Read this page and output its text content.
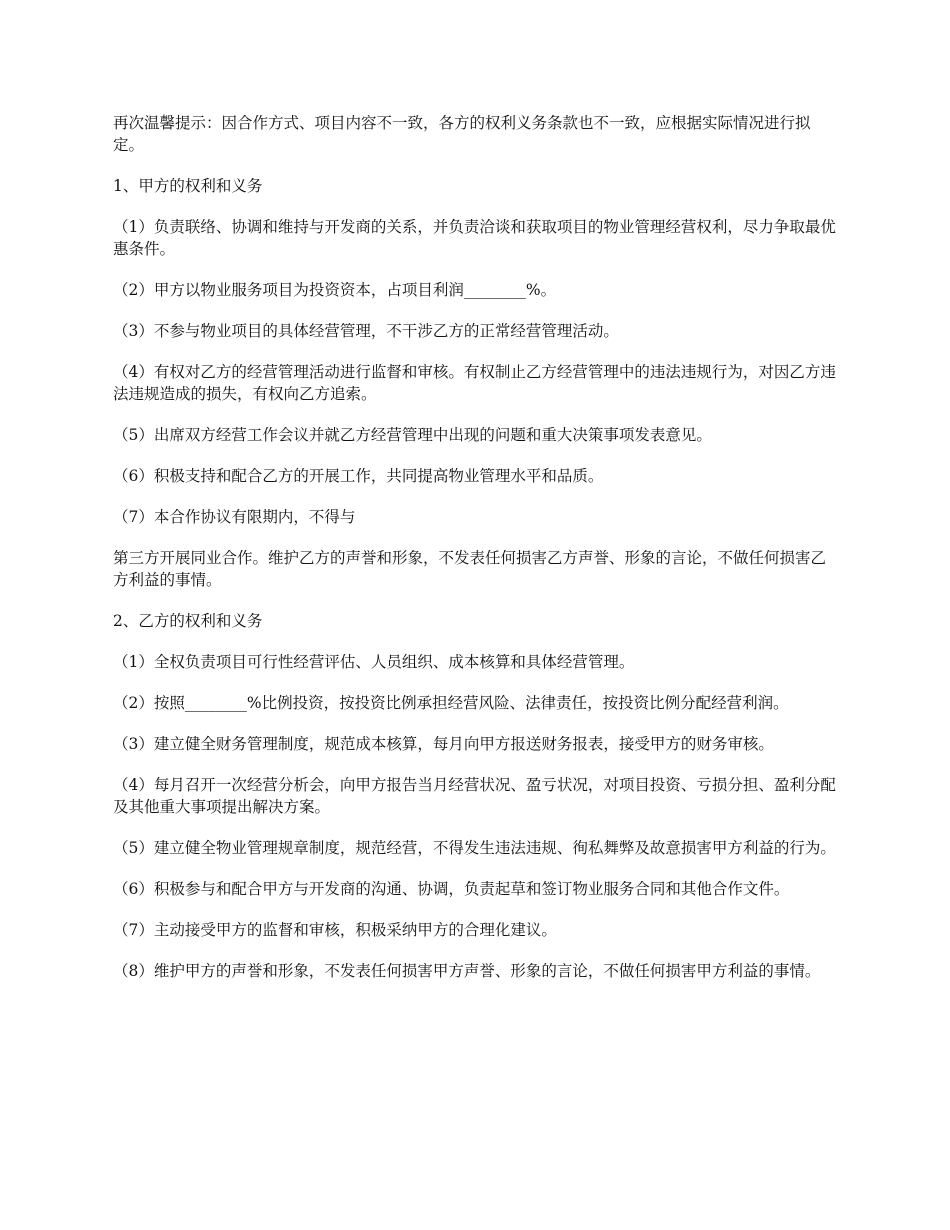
再次温馨提示：因合作方式、项目内容不一致，各方的权利义务条款也不一致，应根据实际情况进行拟定。

1、甲方的权利和义务

（1）负责联络、协调和维持与开发商的关系，并负责洽谈和获取项目的物业管理经营权利，尽力争取最优惠条件。

（2）甲方以物业服务项目为投资资本，占项目利润________%。

（3）不参与物业项目的具体经营管理，不干涉乙方的正常经营管理活动。

（4）有权对乙方的经营管理活动进行监督和审核。有权制止乙方经营管理中的违法违规行为，对因乙方违法违规造成的损失，有权向乙方追索。

（5）出席双方经营工作会议并就乙方经营管理中出现的问题和重大决策事项发表意见。

（6）积极支持和配合乙方的开展工作，共同提高物业管理水平和品质。

（7）本合作协议有限期内，不得与

第三方开展同业合作。维护乙方的声誉和形象，不发表任何损害乙方声誉、形象的言论，不做任何损害乙方利益的事情。

2、乙方的权利和义务

（1）全权负责项目可行性经营评估、人员组织、成本核算和具体经营管理。

（2）按照________%比例投资，按投资比例承担经营风险、法律责任，按投资比例分配经营利润。

（3）建立健全财务管理制度，规范成本核算，每月向甲方报送财务报表，接受甲方的财务审核。

（4）每月召开一次经营分析会，向甲方报告当月经营状况、盈亏状况，对项目投资、亏损分担、盈利分配及其他重大事项提出解决方案。

（5）建立健全物业管理规章制度，规范经营，不得发生违法违规、徇私舞弊及故意损害甲方利益的行为。

（6）积极参与和配合甲方与开发商的沟通、协调，负责起草和签订物业服务合同和其他合作文件。

（7）主动接受甲方的监督和审核，积极采纳甲方的合理化建议。

（8）维护甲方的声誉和形象，不发表任何损害甲方声誉、形象的言论，不做任何损害甲方利益的事情。
